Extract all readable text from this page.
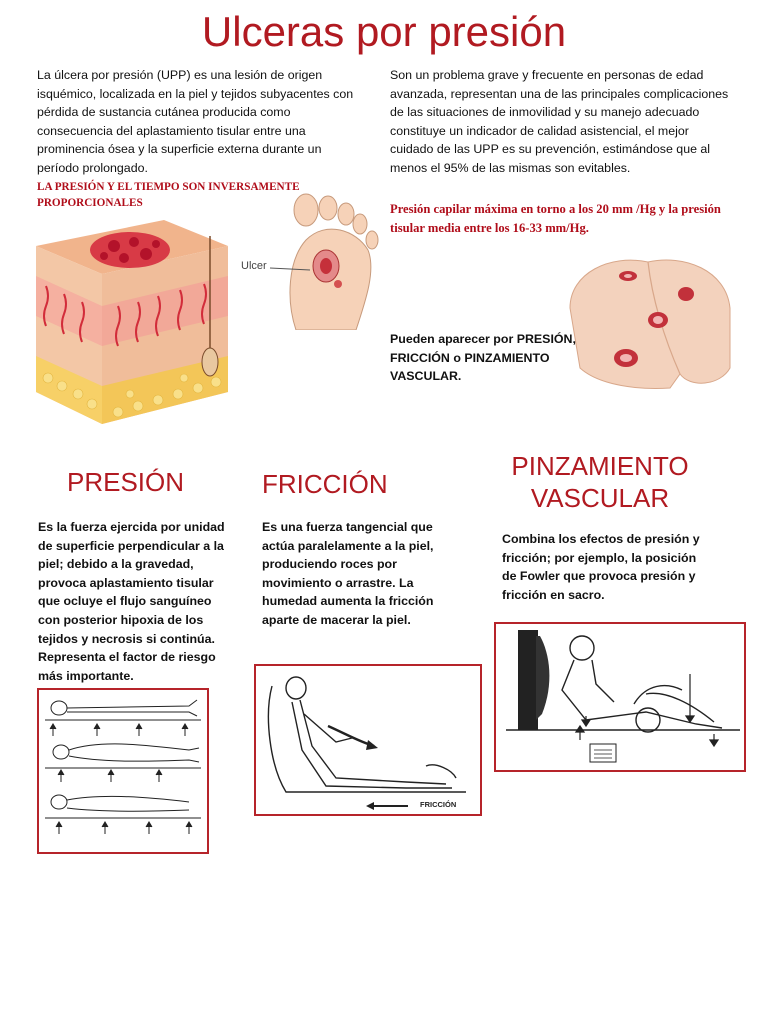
Ulceras por presión
La úlcera por presión (UPP) es una lesión de origen isquémico, localizada en la piel y tejidos subyacentes con pérdida de sustancia cutánea producida como consecuencia del aplastamiento tisular entre una prominencia ósea y la superficie externa durante un período prolongado.
LA PRESIÓN Y EL TIEMPO SON INVERSAMENTE PROPORCIONALES
Ulcer
Son un problema grave y frecuente en personas de edad avanzada, representan una de las principales complicaciones de las situaciones de inmovilidad y su manejo adecuado constituye un indicador de calidad asistencial, el mejor cuidado de las UPP es su prevención, estimándose que al menos el 95% de las mismas son evitables.
Presión capilar máxima en torno a los 20 mm /Hg y la presión tisular media entre los 16-33 mm/Hg.
Pueden aparecer por PRESIÓN, FRICCIÓN o PINZAMIENTO VASCULAR.
PRESIÓN	FRICCIÓN
PINZAMIENTO
VASCULAR
Es la fuerza ejercida por unidad de superficie perpendicular a la piel; debido a la gravedad, provoca aplastamiento tisular que ocluye el flujo sanguíneo con posterior hipoxia de los tejidos y necrosis si continúa. Representa el factor de riesgo más importante.
Es una fuerza tangencial que actúa paralelamente a la piel, produciendo roces por movimiento o arrastre. La humedad aumenta la fricción aparte de macerar la piel.
Combina los efectos de presión y fricción; por ejemplo, la posición de Fowler que provoca presión y fricción en sacro.
FRICCIÓN
